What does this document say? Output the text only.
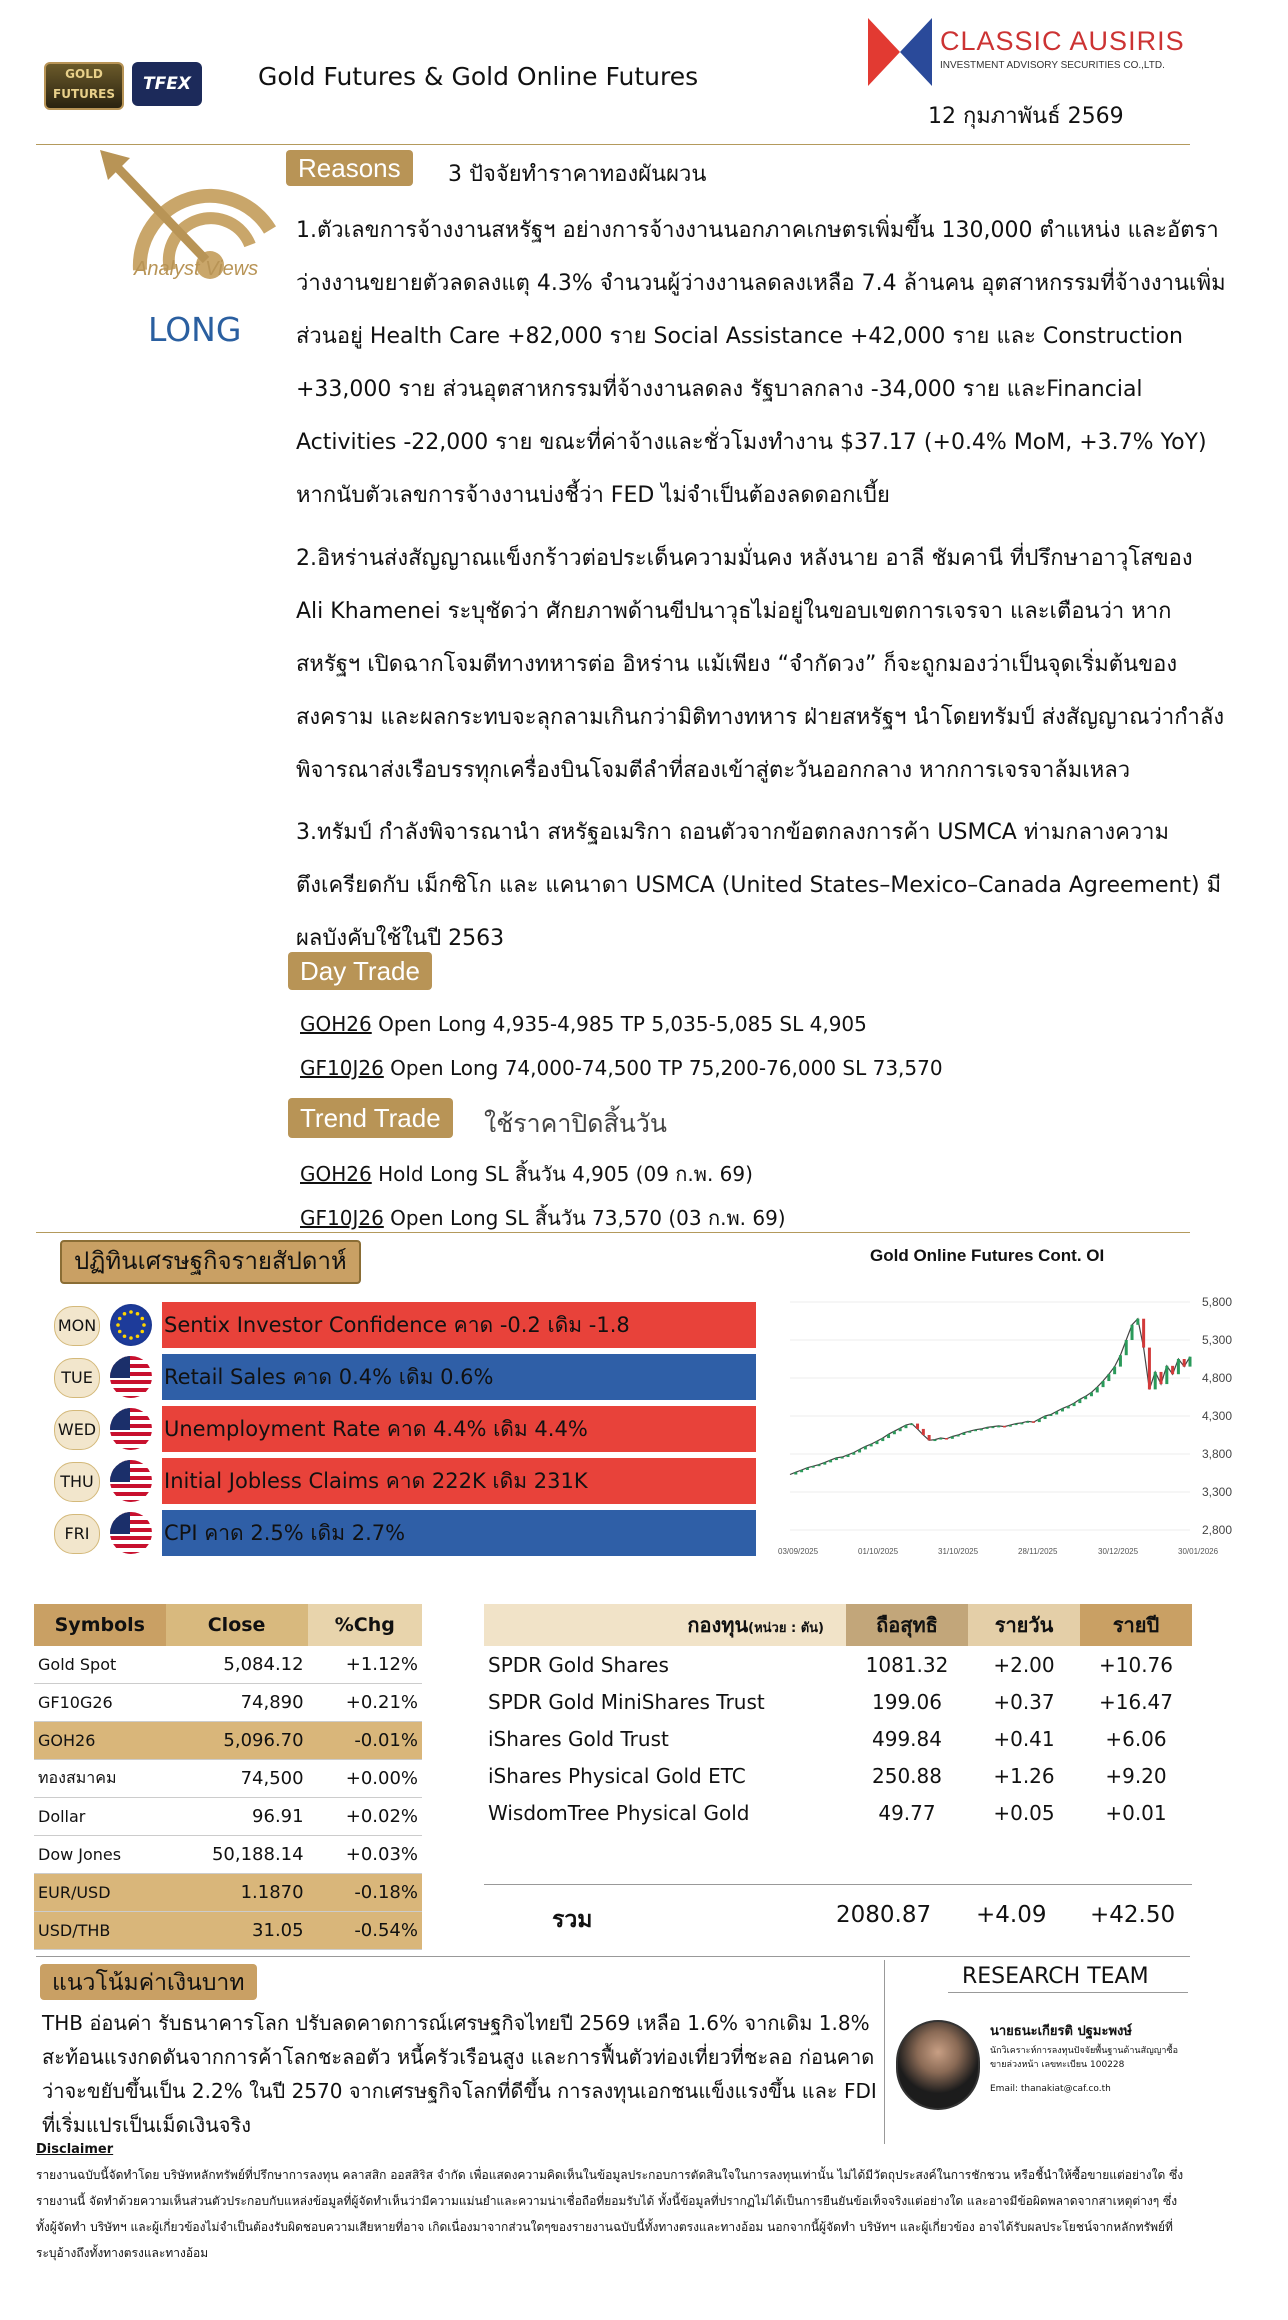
GOLD FUTURES	TFEX	Gold Futures & Gold Online Futures
CLASSIC AUSIRIS
INVESTMENT ADVISORY SECURITIES CO.,LTD.
12 กุมภาพันธ์ 2569
Analyst Views
LONG
Reasons	3 ปัจจัยทำราคาทองผันผวน
1.ตัวเลขการจ้างงานสหรัฐฯ อย่างการจ้างงานนอกภาคเกษตรเพิ่มขึ้น 130,000 ตำแหน่ง และอัตราว่างงานขยายตัวลดลงแตุ 4.3% จำนวนผู้ว่างงานลดลงเหลือ 7.4 ล้านคน อุตสาหกรรมที่จ้างงานเพิ่ม ส่วนอยู่ Health Care +82,000 ราย Social Assistance +42,000 ราย และ Construction +33,000 ราย ส่วนอุตสาหกรรมที่จ้างงานลดลง รัฐบาลกลาง -34,000 ราย และFinancial Activities -22,000 ราย ขณะที่ค่าจ้างและชั่วโมงทำงาน $37.17 (+0.4% MoM, +3.7% YoY) หากนับตัวเลขการจ้างงานบ่งชี้ว่า FED ไม่จำเป็นต้องลดดอกเบี้ย
2.อิหร่านส่งสัญญาณแข็งกร้าวต่อประเด็นความมั่นคง หลังนาย อาลี ชัมคานี ที่ปรึกษาอาวุโสของ Ali Khamenei ระบุชัดว่า ศักยภาพด้านขีปนาวุธไม่อยู่ในขอบเขตการเจรจา และเตือนว่า หากสหรัฐฯ เปิดฉากโจมตีทางทหารต่อ อิหร่าน แม้เพียง “จำกัดวง” ก็จะถูกมองว่าเป็นจุดเริ่มต้นของสงคราม และผลกระทบจะลุกลามเกินกว่ามิติทางทหาร ฝ่ายสหรัฐฯ นำโดยทรัมป์ ส่งสัญญาณว่ากำลังพิจารณาส่งเรือบรรทุกเครื่องบินโจมตีลำที่สองเข้าสู่ตะวันออกกลาง หากการเจรจาล้มเหลว
3.ทรัมป์ กำลังพิจารณานำ สหรัฐอเมริกา ถอนตัวจากข้อตกลงการค้า USMCA ท่ามกลางความตึงเครียดกับ เม็กซิโก และ แคนาดา USMCA (United States–Mexico–Canada Agreement) มีผลบังคับใช้ในปี 2563
Day Trade
GOH26 Open Long 4,935-4,985 TP 5,035-5,085 SL 4,905
GF10J26 Open Long 74,000-74,500 TP 75,200-76,000 SL 73,570
Trend Trade	ใช้ราคาปิดสิ้นวัน
GOH26 Hold Long SL สิ้นวัน 4,905 (09 ก.พ. 69)
GF10J26 Open Long SL สิ้นวัน 73,570 (03 ก.พ. 69)
ปฏิทินเศรษฐกิจรายสัปดาห์
MON	Sentix Investor Confidence คาด -0.2 เดิม -1.8
TUE	Retail Sales คาด 0.4% เดิม 0.6%
WED	Unemployment Rate คาด 4.4% เดิม 4.4%
THU	Initial Jobless Claims คาด 222K เดิม 231K
FRI	CPI คาด 2.5% เดิม 2.7%
Gold Online Futures Cont. OI
5,800
5,300
4,800
4,300
3,800
3,300
2,800
03/09/2025	01/10/2025	31/10/2025	28/11/2025	30/12/2025	30/01/2026
Symbols	Close	%Chg
Gold Spot	5,084.12	+1.12%
GF10G26	74,890	+0.21%
GOH26	5,096.70	-0.01%
ทองสมาคม	74,500	+0.00%
Dollar	96.91	+0.02%
Dow Jones	50,188.14	+0.03%
EUR/USD	1.1870	-0.18%
USD/THB	31.05	-0.54%
กองทุน(หน่วย : ตัน)	ถือสุทธิ	รายวัน	รายปี
SPDR Gold Shares	1081.32	+2.00	+10.76
SPDR Gold MiniShares Trust	199.06	+0.37	+16.47
iShares Gold Trust	499.84	+0.41	+6.06
iShares Physical Gold ETC	250.88	+1.26	+9.20
WisdomTree Physical Gold	49.77	+0.05	+0.01
รวม	2080.87 +4.09 +42.50
แนวโน้มค่าเงินบาท
THB อ่อนค่า รับธนาคารโลก ปรับลดคาดการณ์เศรษฐกิจไทยปี 2569 เหลือ 1.6% จากเดิม 1.8% สะท้อนแรงกดดันจากการค้าโลกชะลอตัว หนี้ครัวเรือนสูง และการฟื้นตัวท่องเที่ยวที่ชะลอ ก่อนคาดว่าจะขยับขึ้นเป็น 2.2% ในปี 2570 จากเศรษฐกิจโลกที่ดีขึ้น การลงทุนเอกชนแข็งแรงขึ้น และ FDI ที่เริ่มแปรเป็นเม็ดเงินจริง
RESEARCH TEAM
นายธนะเกียรติ ปฐมะพงษ์
นักวิเคราะห์การลงทุนปัจจัยพื้นฐานด้านสัญญาซื้อขายล่วงหน้า เลขทะเบียน 100228
Email: thanakiat@caf.co.th
Disclaimer
รายงานฉบับนี้จัดทำโดย บริษัทหลักทรัพย์ที่ปรึกษาการลงทุน คลาสสิก ออสสิริส จำกัด เพื่อแสดงความคิดเห็นในข้อมูลประกอบการตัดสินใจในการลงทุนเท่านั้น ไม่ได้มีวัตถุประสงค์ในการชักชวน หรือชี้นำให้ซื้อขายแต่อย่างใด ซึ่งรายงานนี้ จัดทำด้วยความเห็นส่วนตัวประกอบกับแหล่งข้อมูลที่ผู้จัดทำเห็นว่ามีความแม่นยำและความน่าเชื่อถือที่ยอมรับได้ ทั้งนี้ข้อมูลที่ปรากฏไม่ได้เป็นการยืนยันข้อเท็จจริงแต่อย่างใด และอาจมีข้อผิดพลาดจากสาเหตุต่างๆ ซึ่งทั้งผู้จัดทำ บริษัทฯ และผู้เกี่ยวข้องไม่จำเป็นต้องรับผิดชอบความเสียหายที่อาจ เกิดเนื่องมาจากส่วนใดๆของรายงานฉบับนี้ทั้งทางตรงและทางอ้อม นอกจากนี้ผู้จัดทำ บริษัทฯ และผู้เกี่ยวข้อง อาจได้รับผลประโยชน์จากหลักทรัพย์ที่ระบุอ้างถึงทั้งทางตรงและทางอ้อม
